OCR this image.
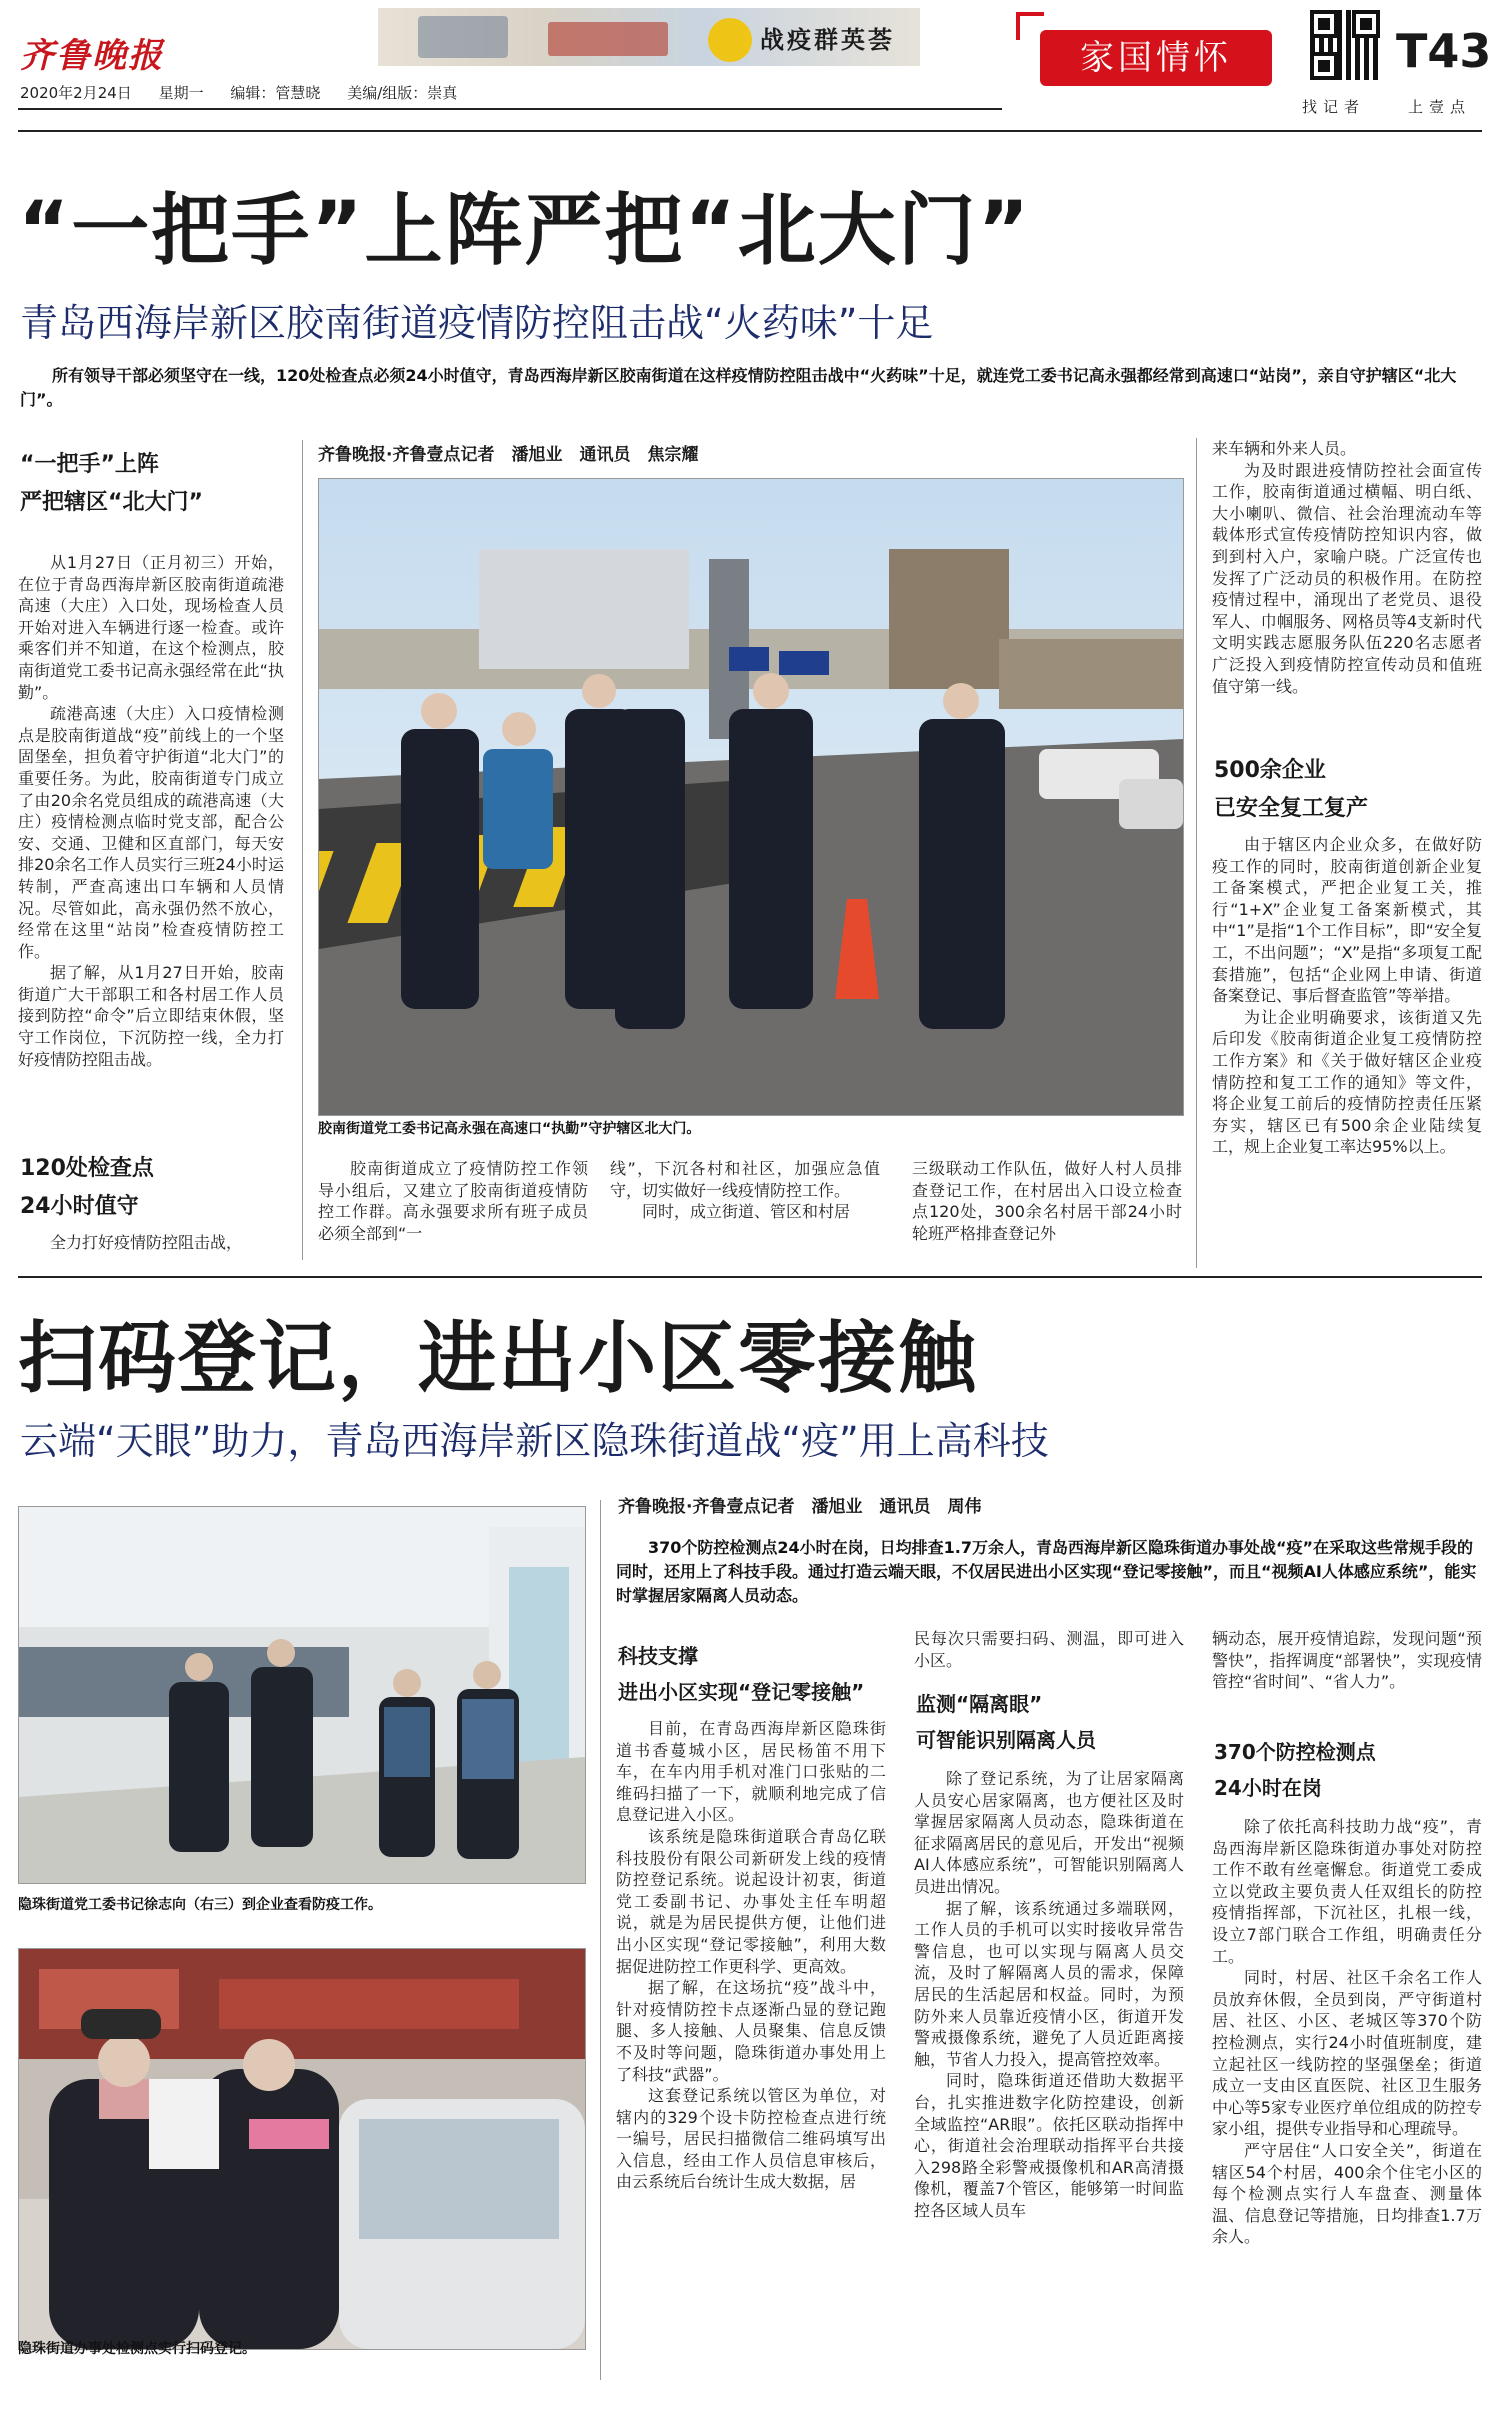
齐鲁晚报	战疫群英荟	家国情怀
找记者
T43
上壹点
2020年2月24日 星期一 编辑：管慧晓 美编/组版：崇真
“一把手”上阵严把“北大门”
青岛西海岸新区胶南街道疫情防控阻击战“火药味”十足
所有领导干部必须坚守在一线，120处检查点必须24小时值守，青岛西海岸新区胶南街道在这样疫情防控阻击战中“火药味”十足，就连党工委书记高永强都经常到高速口“站岗”，亲自守护辖区“北大门”。
“一把手”上阵
严把辖区“北大门”

从1月27日（正月初三）开始，在位于青岛西海岸新区胶南街道疏港高速（大庄）入口处，现场检查人员开始对进入车辆进行逐一检查。或许乘客们并不知道，在这个检测点，胶南街道党工委书记高永强经常在此“执勤”。

疏港高速（大庄）入口疫情检测点是胶南街道战“疫”前线上的一个坚固堡垒，担负着守护街道“北大门”的重要任务。为此，胶南街道专门成立了由20余名党员组成的疏港高速（大庄）疫情检测点临时党支部，配合公安、交通、卫健和区直部门，每天安排20余名工作人员实行三班24小时运转制，严查高速出口车辆和人员情况。尽管如此，高永强仍然不放心，经常在这里“站岗”检查疫情防控工作。

据了解，从1月27日开始，胶南街道广大干部职工和各村居工作人员接到防控“命令”后立即结束休假，坚守工作岗位，下沉防控一线，全力打好疫情防控阻击战。

120处检查点
24小时值守

全力打好疫情防控阻击战，

齐鲁晚报·齐鲁壹点记者　潘旭业　通讯员　焦宗耀
胶南街道党工委书记高永强在高速口“执勤”守护辖区北大门。

胶南街道成立了疫情防控工作领导小组后，又建立了胶南街道疫情防控工作群。高永强要求所有班子成员必须全部到“一

线”，下沉各村和社区，加强应急值守，切实做好一线疫情防控工作。

同时，成立街道、管区和村居

三级联动工作队伍，做好人村人员排查登记工作，在村居出入口设立检查点120处，300余名村居干部24小时轮班严格排查登记外

来车辆和外来人员。

为及时跟进疫情防控社会面宣传工作，胶南街道通过横幅、明白纸、大小喇叭、微信、社会治理流动车等载体形式宣传疫情防控知识内容，做到到村入户，家喻户晓。广泛宣传也发挥了广泛动员的积极作用。在防控疫情过程中，涌现出了老党员、退役军人、巾帼服务、网格员等4支新时代文明实践志愿服务队伍220名志愿者广泛投入到疫情防控宣传动员和值班值守第一线。

500余企业
已安全复工复产

由于辖区内企业众多，在做好防疫工作的同时，胶南街道创新企业复工备案模式，严把企业复工关，推行“1+X”企业复工备案新模式，其中“1”是指“1个工作目标”，即“安全复工，不出问题”；“X”是指“多项复工配套措施”，包括“企业网上申请、街道备案登记、事后督查监管”等举措。

为让企业明确要求，该街道又先后印发《胶南街道企业复工疫情防控工作方案》和《关于做好辖区企业疫情防控和复工工作的通知》等文件，将企业复工前后的疫情防控责任压紧夯实，辖区已有500余企业陆续复工，规上企业复工率达95%以上。

扫码登记，进出小区零接触
云端“天眼”助力，青岛西海岸新区隐珠街道战“疫”用上高科技
隐珠街道党工委书记徐志向（右三）到企业查看防疫工作。
隐珠街道办事处检测点实行扫码登记。
齐鲁晚报·齐鲁壹点记者　潘旭业　通讯员　周伟
370个防控检测点24小时在岗，日均排查1.7万余人，青岛西海岸新区隐珠街道办事处战“疫”在采取这些常规手段的同时，还用上了科技手段。通过打造云端天眼，不仅居民进出小区实现“登记零接触”，而且“视频AI人体感应系统”，能实时掌握居家隔离人员动态。
科技支撑
进出小区实现“登记零接触”

目前，在青岛西海岸新区隐珠街道书香蔓城小区，居民杨笛不用下车，在车内用手机对准门口张贴的二维码扫描了一下，就顺利地完成了信息登记进入小区。

该系统是隐珠街道联合青岛亿联科技股份有限公司新研发上线的疫情防控登记系统。说起设计初衷，街道党工委副书记、办事处主任车明超说，就是为居民提供方便，让他们进出小区实现“登记零接触”，利用大数据促进防控工作更科学、更高效。

据了解，在这场抗“疫”战斗中，针对疫情防控卡点逐渐凸显的登记跑腿、多人接触、人员聚集、信息反馈不及时等问题，隐珠街道办事处用上了科技“武器”。

这套登记系统以管区为单位，对辖内的329个设卡防控检查点进行统一编号，居民扫描微信二维码填写出入信息，经由工作人员信息审核后，由云系统后台统计生成大数据，居

民每次只需要扫码、测温，即可进入小区。

监测“隔离眼”
可智能识别隔离人员

除了登记系统，为了让居家隔离人员安心居家隔离，也方便社区及时掌握居家隔离人员动态，隐珠街道在征求隔离居民的意见后，开发出“视频AI人体感应系统”，可智能识别隔离人员进出情况。

据了解，该系统通过多端联网，工作人员的手机可以实时接收异常告警信息，也可以实现与隔离人员交流，及时了解隔离人员的需求，保障居民的生活起居和权益。同时，为预防外来人员靠近疫情小区，街道开发警戒摄像系统，避免了人员近距离接触，节省人力投入，提高管控效率。

同时，隐珠街道还借助大数据平台，扎实推进数字化防控建设，创新全域监控“AR眼”。依托区联动指挥中心，街道社会治理联动指挥平台共接入298路全彩警戒摄像机和AR高清摄像机，覆盖7个管区，能够第一时间监控各区域人员车

辆动态，展开疫情追踪，发现问题“预警快”，指挥调度“部署快”，实现疫情管控“省时间”、“省人力”。

370个防控检测点
24小时在岗

除了依托高科技助力战“疫”，青岛西海岸新区隐珠街道办事处对防控工作不敢有丝毫懈怠。街道党工委成立以党政主要负责人任双组长的防控疫情指挥部，下沉社区，扎根一线，设立7部门联合工作组，明确责任分工。

同时，村居、社区千余名工作人员放弃休假，全员到岗，严守街道村居、社区、小区、老城区等370个防控检测点，实行24小时值班制度，建立起社区一线防控的坚强堡垒；街道成立一支由区直医院、社区卫生服务中心等5家专业医疗单位组成的防控专家小组，提供专业指导和心理疏导。

严守居住“人口安全关”，街道在辖区54个村居，400余个住宅小区的每个检测点实行人车盘查、测量体温、信息登记等措施，日均排查1.7万余人。
